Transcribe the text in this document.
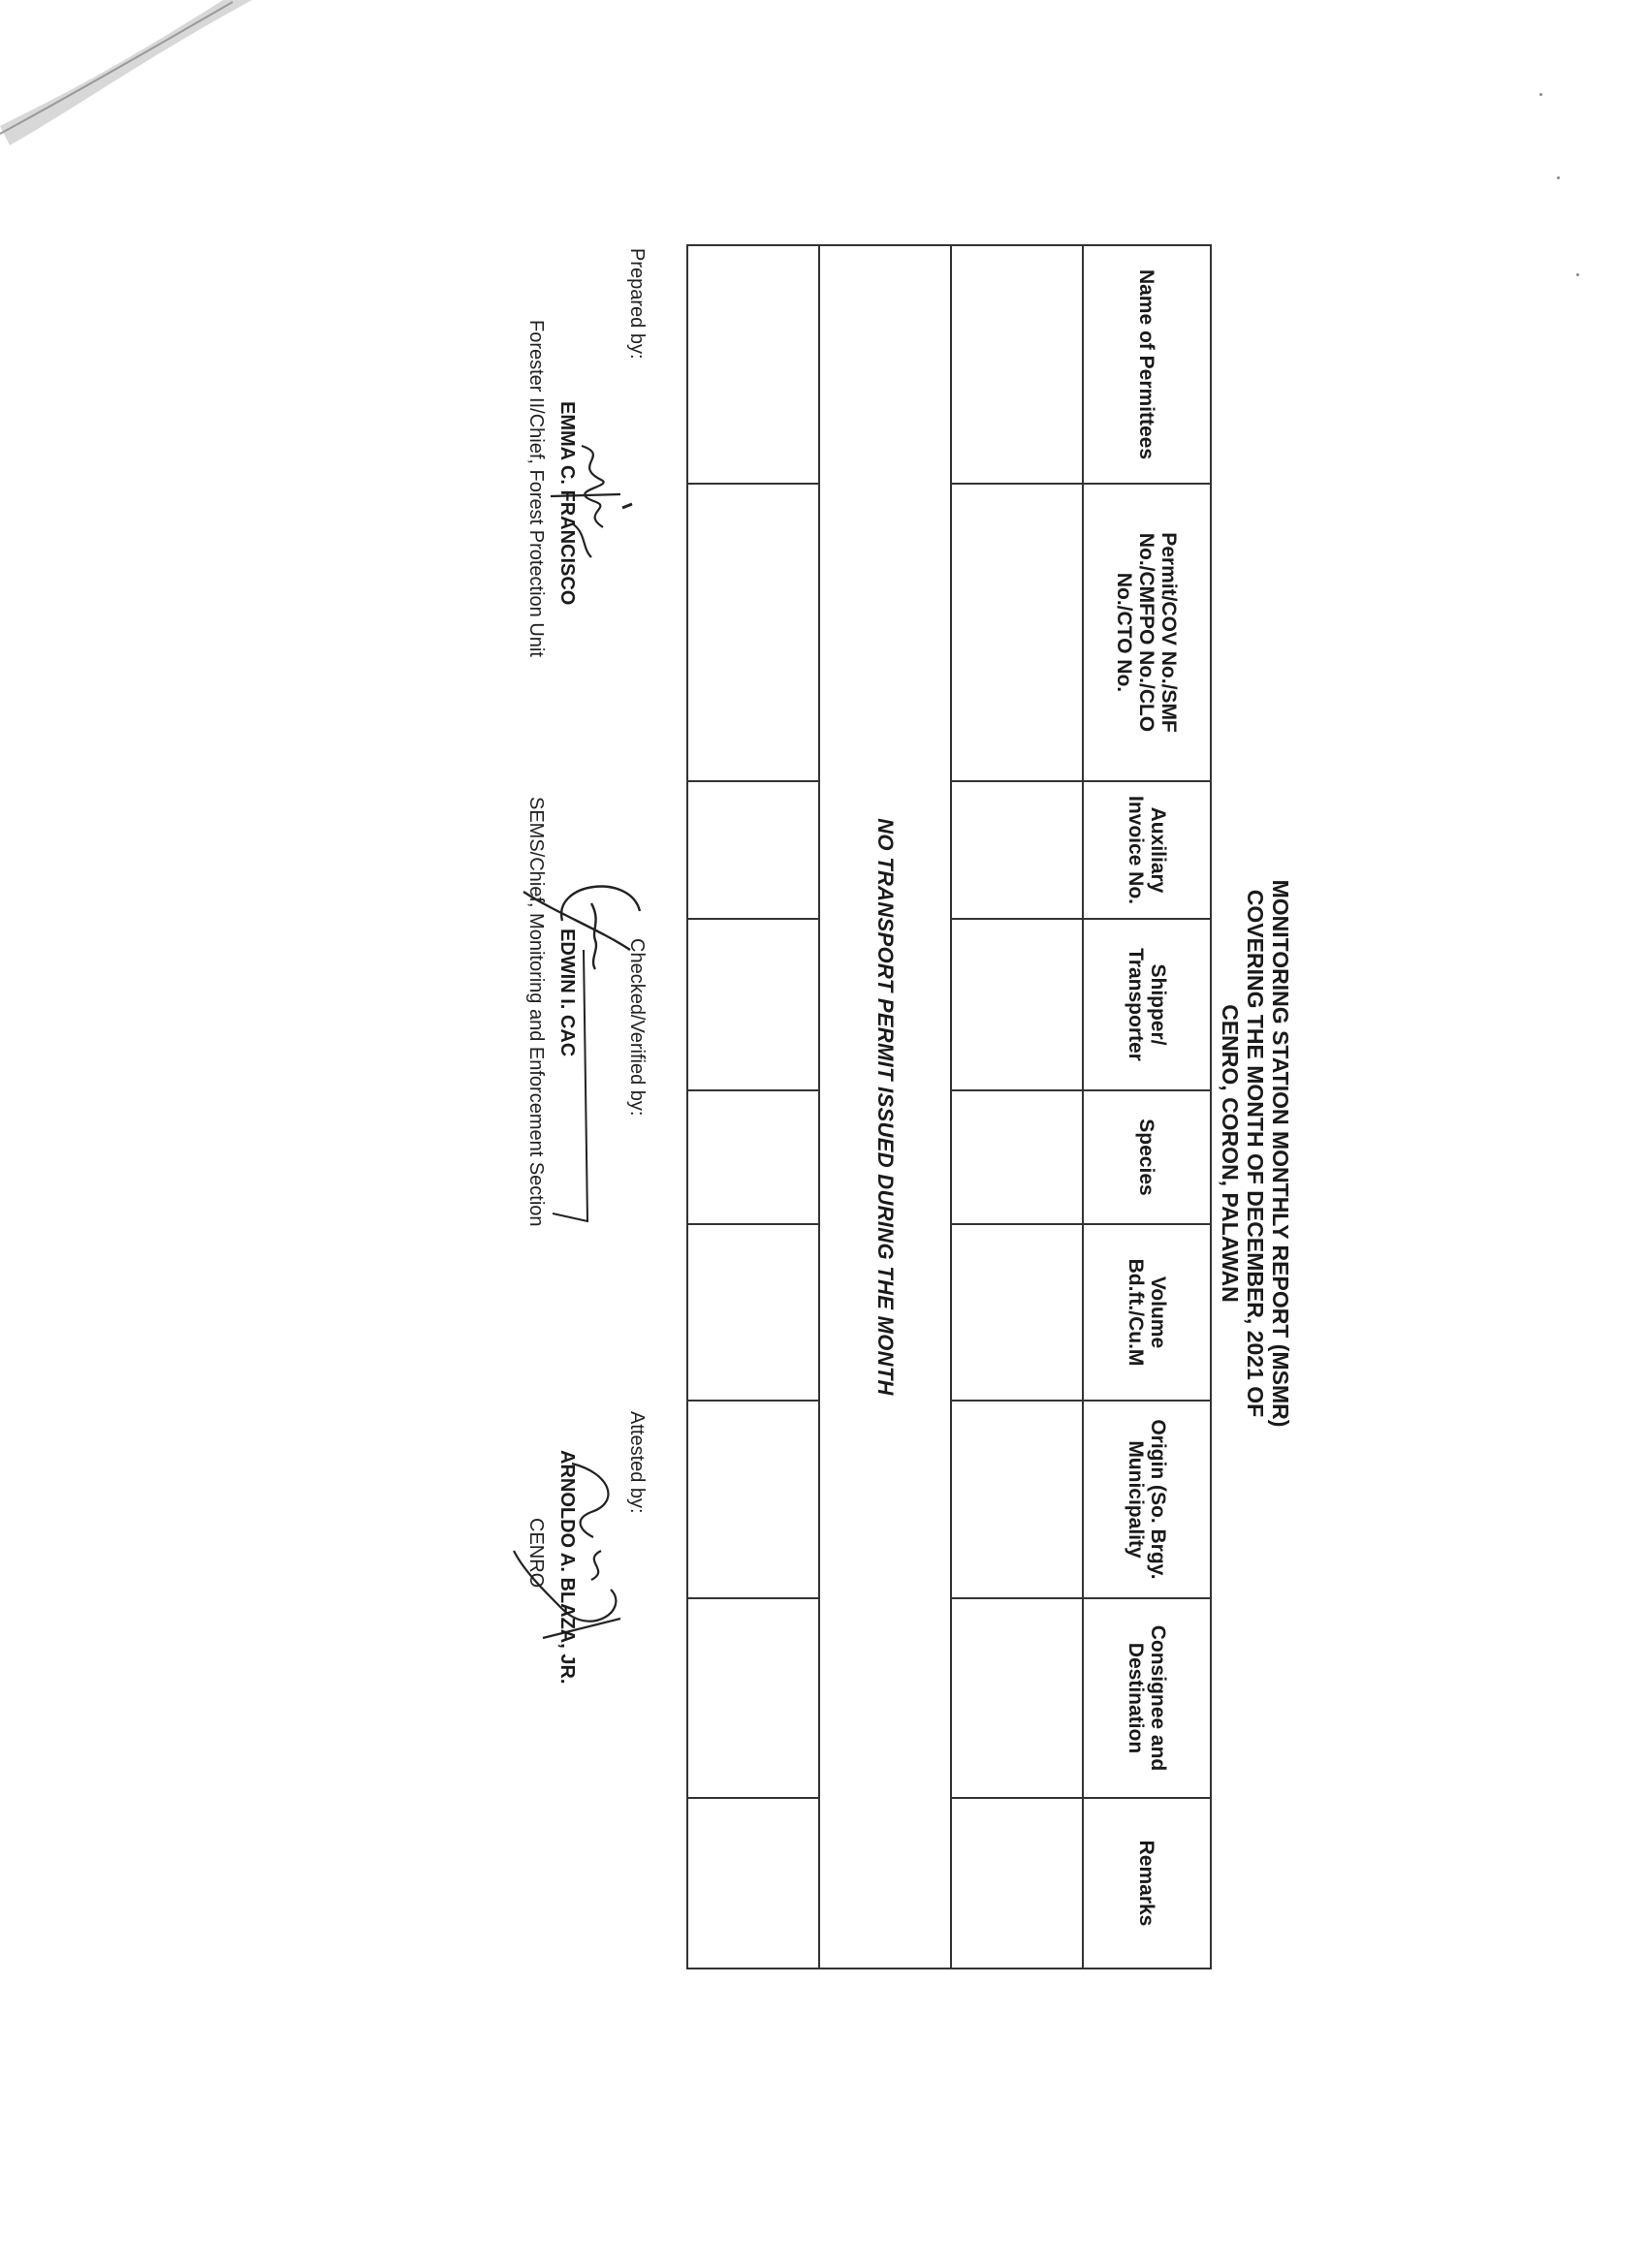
MONITORING STATION MONTHLY REPORT (MSMR)
COVERING THE MONTH OF DECEMBER, 2021 OF
CENRO, CORON, PALAWAN
Name of Permittees	Permit/COV No./SMF No./CMFPO No./CLO No./CTO No.	Auxiliary Invoice No.	Shipper/ Transporter	Species	Volume Bd.ft./Cu.M	Origin (So. Brgy. Municipality	Consignee and Destination	Remarks

NO TRANSPORT PERMIT ISSUED DURING THE MONTH								

Prepared by:
EMMA C. FRANCISCO
Forester II/Chief, Forest Protection Unit
Checked/Verified by:
EDWIN I. CAC
SEMS/Chief, Monitoring and Enforcement Section
Attested by:
ARNOLDO A. BLAZA, JR.
CENRO
